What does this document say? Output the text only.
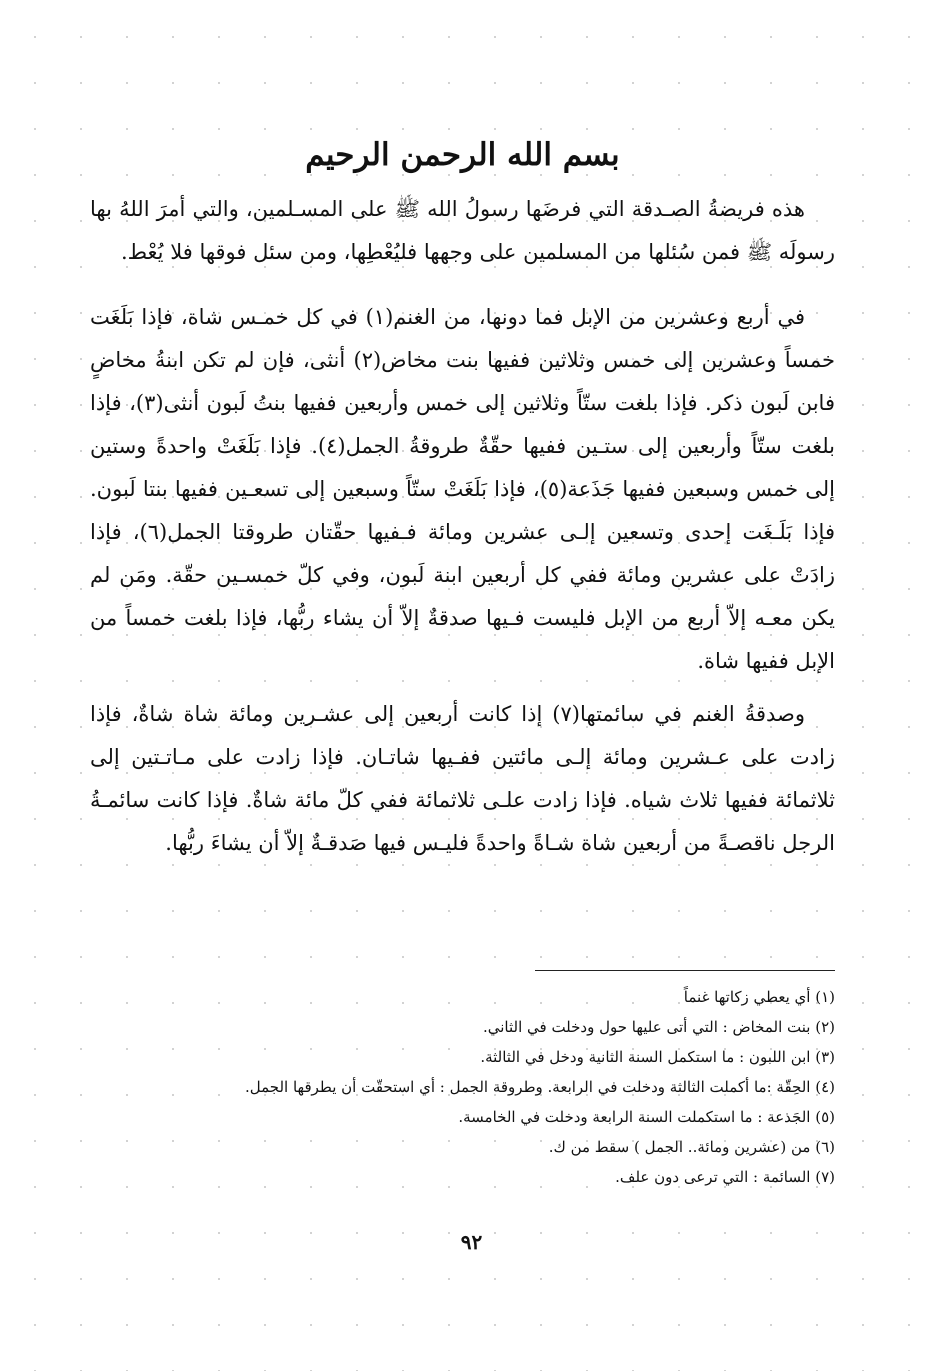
بسم الله الرحمن الرحيم

هذه فريضةُ الصـدقة التي فرضَها رسولُ الله ﷺ على المسـلمين، والتي أمرَ اللهُ بها رسولَه ﷺ فمن سُئلها من المسلمين على وجهها فليُعْطِها، ومن سئل فوقها فلا يُعْط.

في أربع وعشرين من الإبل فما دونها، من الغنم(١) في كل خمـس شاة، فإذا بَلَغَت خمساً وعشرين إلى خمس وثلاثين ففيها بنت مخاض(٢) أنثى، فإن لم تكن ابنةُ مخاضٍ فابن لَبون ذكر. فإذا بلغت ستّاً وثلاثين إلى خمس وأربعين ففيها بنتُ لَبون أنثى(٣)، فإذا بلغت ستّاً وأربعين إلى ستـين ففيها حقّةٌ طروقةُ الجمل(٤). فإذا بَلَغَتْ واحدةً وستين إلى خمس وسبعين ففيها جَذَعة(٥)، فإذا بَلَغَتْ ستّاً وسبعين إلى تسعـين ففيها بنتا لَبون. فإذا بَلَـغَت إحدى وتسعين إلـى عشرين ومائة فـفيها حقّتان طروقتا الجمل(٦)، فإذا زادَتْ على عشرين ومائة ففي كل أربعين ابنة لَبون، وفي كلّ خمسـين حقّة. ومَن لم يكن معـه إلاّ أربع من الإبل فليست فـيها صدقةٌ إلاّ أن يشاء ربُّها، فإذا بلغت خمساً من الإبل ففيها شاة.

وصدقةُ الغنم في سائمتها(٧) إذا كانت أربعين إلى عشـرين ومائة شاة شاةٌ، فإذا زادت على عـشرين ومائة إلـى مائتين ففـيها شاتـان. فإذا زادت على مـاتـتين إلى ثلاثمائة ففيها ثلاث شياه. فإذا زادت علـى ثلاثمائة ففي كلّ مائة شاةٌ. فإذا كانت سائمـةُ الرجل ناقصـةً من أربعين شاة شـاةً واحدةً فليـس فيها صَدقـةٌ إلاّ أن يشاءَ ربُّها.

(١) أي يعطي زكاتها غنماً
(٢) بنت المخاض : التي أتى عليها حول ودخلت في الثاني.
(٣) ابن اللبون : ما استكمل السنة الثانية ودخل في الثالثة.
(٤) الحِقّة :ما أكملت الثالثة ودخلت في الرابعة. وطروقة الجمل : أي استحقّت أن يطرقها الجمل.
(٥) الجَذعة : ما استكملت السنة الرابعة ودخلت في الخامسة.
(٦) من (عشرين ومائة.. الجمل ) سقط من ك.
(٧) السائمة : التي ترعى دون علف.
٩٢
